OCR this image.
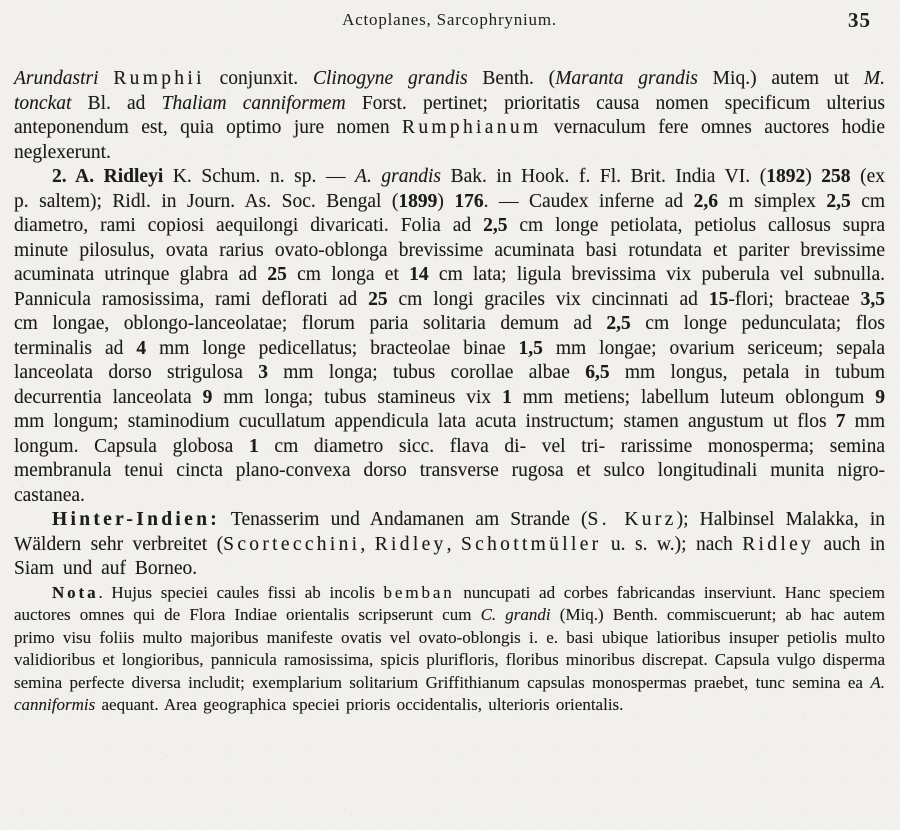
Actoplanes, Sarcophrynium.	35

Arundastri Rumphii conjunxit. Clinogyne grandis Benth. (Maranta grandis Miq.) autem ut M. tonckat Bl. ad Thaliam canniformem Forst. pertinet; prioritatis causa nomen specificum ulterius anteponendum est, quia optimo jure nomen Rumphianum vernaculum fere omnes auctores hodie neglexerunt.

2. A. Ridleyi K. Schum. n. sp. — A. grandis Bak. in Hook. f. Fl. Brit. India VI. (1892) 258 (ex p. saltem); Ridl. in Journ. As. Soc. Bengal (1899) 176. — Caudex inferne ad 2,6 m simplex 2,5 cm diametro, rami copiosi aequilongi divaricati. Folia ad 2,5 cm longe petiolata, petiolus callosus supra minute pilosulus, ovata rarius ovato-oblonga brevissime acuminata basi rotundata et pariter brevissime acuminata utrinque glabra ad 25 cm longa et 14 cm lata; ligula brevissima vix puberula vel subnulla. Pannicula ramosissima, rami deflorati ad 25 cm longi graciles vix cincinnati ad 15-flori; bracteae 3,5 cm longae, oblongo-lanceolatae; florum paria solitaria demum ad 2,5 cm longe pedunculata; flos terminalis ad 4 mm longe pedicellatus; bracteolae binae 1,5 mm longae; ovarium sericeum; sepala lanceolata dorso strigulosa 3 mm longa; tubus corollae albae 6,5 mm longus, petala in tubum decurrentia lanceolata 9 mm longa; tubus stamineus vix 1 mm metiens; labellum luteum oblongum 9 mm longum; staminodium cucullatum appendicula lata acuta instructum; stamen angustum ut flos 7 mm longum. Capsula globosa 1 cm diametro sicc. flava di- vel tri- rarissime monosperma; semina membranula tenui cincta plano-convexa dorso transverse rugosa et sulco longitudinali munita nigro-castanea.

Hinter-Indien: Tenasserim und Andamanen am Strande (S. Kurz); Halbinsel Malakka, in Wäldern sehr verbreitet (Scortecchini, Ridley, Schottmüller u. s. w.); nach Ridley auch in Siam und auf Borneo.

Nota. Hujus speciei caules fissi ab incolis bemban nuncupati ad corbes fabricandas inserviunt. Hanc speciem auctores omnes qui de Flora Indiae orientalis scripserunt cum C. grandi (Miq.) Benth. commiscuerunt; ab hac autem primo visu foliis multo majoribus manifeste ovatis vel ovato-oblongis i. e. basi ubique latioribus insuper petiolis multo validioribus et longioribus, pannicula ramosissima, spicis plurifloris, floribus minoribus discrepat. Capsula vulgo disperma semina perfecte diversa includit; exemplarium solitarium Griffithianum capsulas monospermas praebet, tunc semina ea A. canniformis aequant. Area geographica speciei prioris occidentalis, ulterioris orientalis.
